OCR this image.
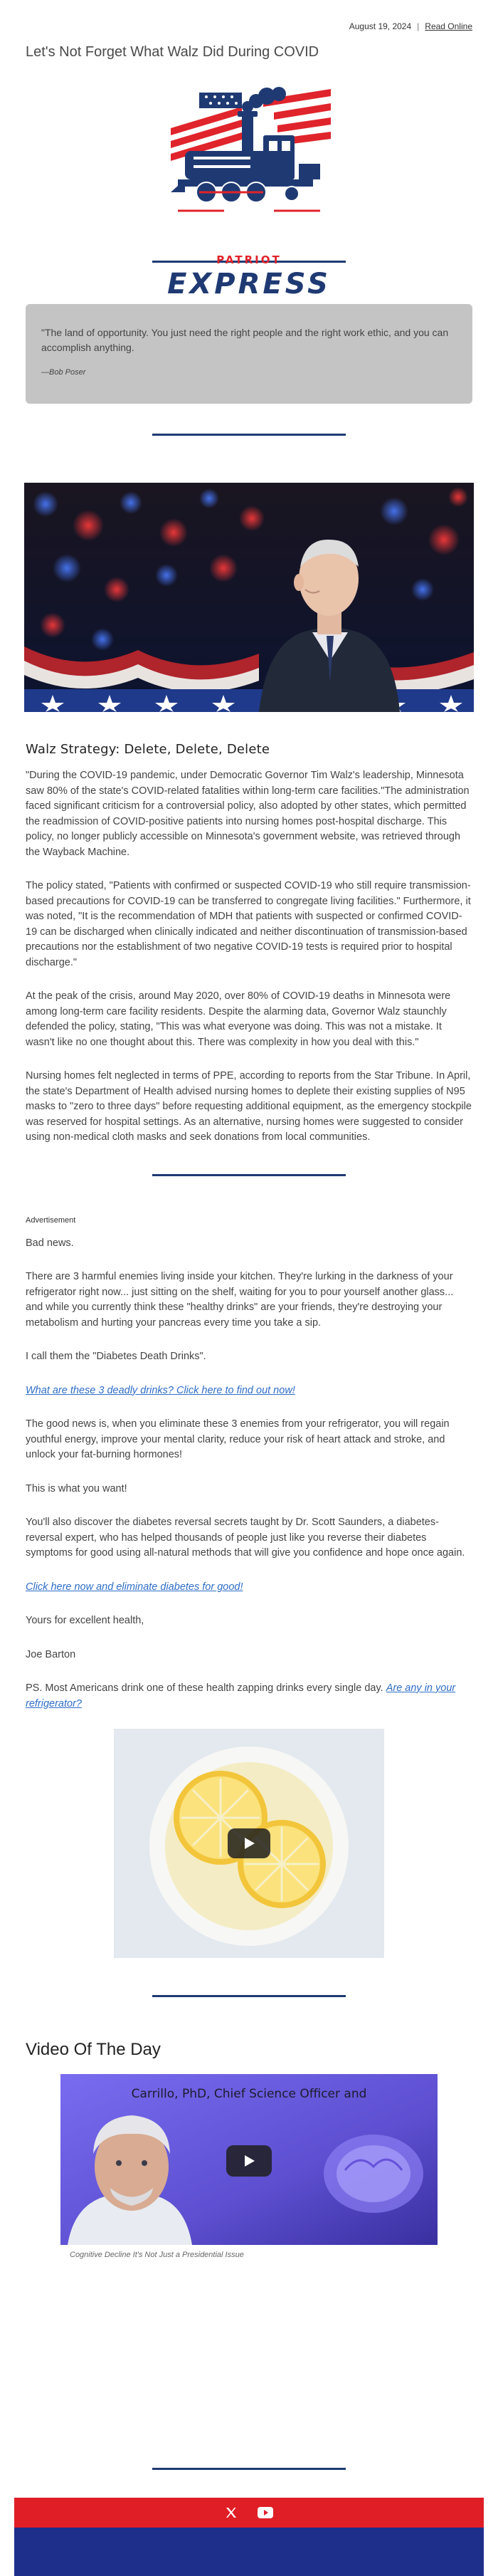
August 19, 2024 | Read Online
Let's Not Forget What Walz Did During COVID
PATRIOT
EXPRESS

"The land of opportunity. You just need the right people and the right work ethic, and you can accomplish anything.

—Bob Poser

Walz Strategy: Delete, Delete, Delete
"During the COVID-19 pandemic, under Democratic Governor Tim Walz's leadership, Minnesota saw 80% of the state's COVID-related fatalities within long-term care facilities."The administration faced significant criticism for a controversial policy, also adopted by other states, which permitted the readmission of COVID-positive patients into nursing homes post-hospital discharge. This policy, no longer publicly accessible on Minnesota's government website, was retrieved through the Wayback Machine.
The policy stated, "Patients with confirmed or suspected COVID-19 who still require transmission-based precautions for COVID-19 can be transferred to congregate living facilities." Furthermore, it was noted, "It is the recommendation of MDH that patients with suspected or confirmed COVID-19 can be discharged when clinically indicated and neither discontinuation of transmission-based precautions nor the establishment of two negative COVID-19 tests is required prior to hospital discharge."
At the peak of the crisis, around May 2020, over 80% of COVID-19 deaths in Minnesota were among long-term care facility residents. Despite the alarming data, Governor Walz staunchly defended the policy, stating, "This was what everyone was doing. This was not a mistake. It wasn't like no one thought about this. There was complexity in how you deal with this."
Nursing homes felt neglected in terms of PPE, according to reports from the Star Tribune. In April, the state's Department of Health advised nursing homes to deplete their existing supplies of N95 masks to "zero to three days" before requesting additional equipment, as the emergency stockpile was reserved for hospital settings. As an alternative, nursing homes were suggested to consider using non-medical cloth masks and seek donations from local communities.
Advertisement
Bad news.
There are 3 harmful enemies living inside your kitchen. They're lurking in the darkness of your refrigerator right now... just sitting on the shelf, waiting for you to pour yourself another glass... and while you currently think these "healthy drinks" are your friends, they're destroying your metabolism and hurting your pancreas every time you take a sip.
I call them the "Diabetes Death Drinks".
What are these 3 deadly drinks? Click here to find out now!
The good news is, when you eliminate these 3 enemies from your refrigerator, you will regain youthful energy, improve your mental clarity, reduce your risk of heart attack and stroke, and unlock your fat-burning hormones!
This is what you want!
You'll also discover the diabetes reversal secrets taught by Dr. Scott Saunders, a diabetes-reversal expert, who has helped thousands of people just like you reverse their diabetes symptoms for good using all-natural methods that will give you confidence and hope once again.
Click here now and eliminate diabetes for good!
Yours for excellent health,
Joe Barton
PS. Most Americans drink one of these health zapping drinks every single day. Are any in your refrigerator?
Video Of The Day
Carrillo, PhD, Chief Science Officer and
Cognitive Decline It's Not Just a Presidential Issue
